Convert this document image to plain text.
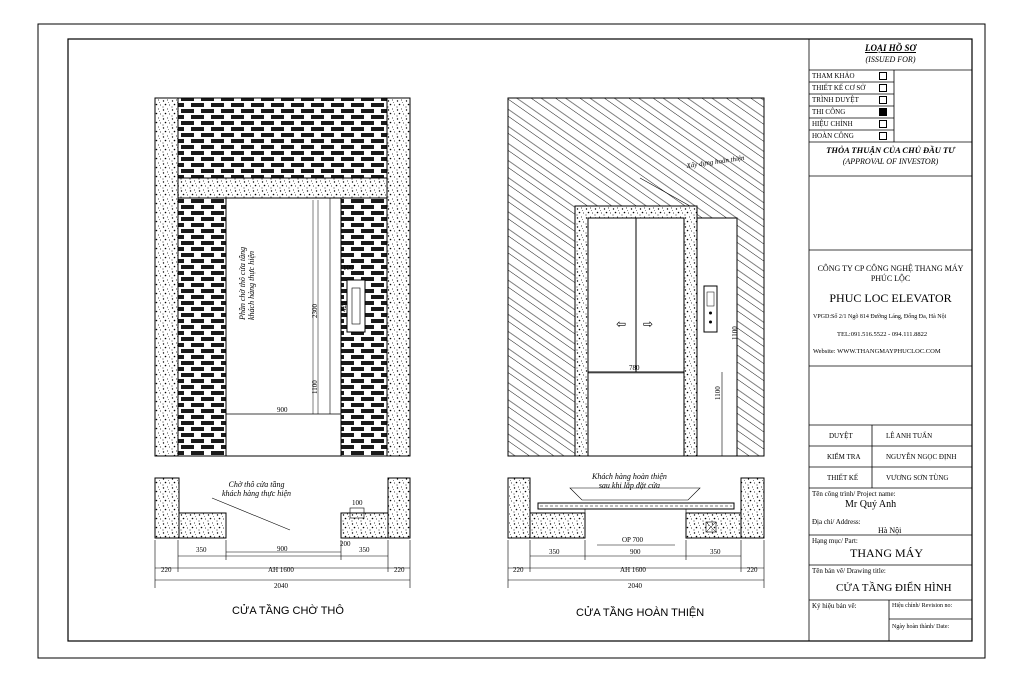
Phần chờ thô cửa tầng khách hàng thực hiện	2300
1100
420
100
900
Chờ thô cửa tầng
khách hàng thực hiện
100
200
350	900	350
220	AH 1600	220
2040
CỬA TẦNG CHỜ THÔ
Xây dựng hoàn thiện
⇦ ⇨
780
1100
1100
Khách hàng hoàn thiện
sau khi lắp đặt cửa
OP 700
350	900	350
220	AH 1600	220
2040
CỬA TẦNG HOÀN THIỆN
LOẠI HỒ SƠ
(ISSUED FOR)
THAM KHẢO
THIẾT KẾ CƠ SỞ
TRÌNH DUYỆT
THI CÔNG
HIỆU CHỈNH
HOÀN CÔNG
THỎA THUẬN CỦA CHỦ ĐẦU TƯ
(APPROVAL OF INVESTOR)
CÔNG TY CP CÔNG NGHỆ THANG MÁY
PHÚC LỘC
PHUC LOC ELEVATOR
VPGD:Số 2/1 Ngõ 814 Đường Láng, Đống Đa, Hà Nội
TEL:091.516.5522 - 094.111.8822
Website: WWW.THANGMAYPHUCLOC.COM
DUYỆT	LÊ ANH TUẤN
KIỂM TRA	NGUYỄN NGỌC ĐỊNH
THIẾT KẾ	VƯƠNG SƠN TÙNG
Tên công trình/ Project name:
Mr Quý Anh
Địa chỉ/ Address:
Hà Nội
Hạng mục/ Part:
THANG MÁY
Tên bản vẽ/ Drawing title:
CỬA TẦNG ĐIỂN HÌNH
Ký hiệu bản vẽ:	Hiệu chỉnh/ Revision no:
Ngày hoàn thành/ Date:
